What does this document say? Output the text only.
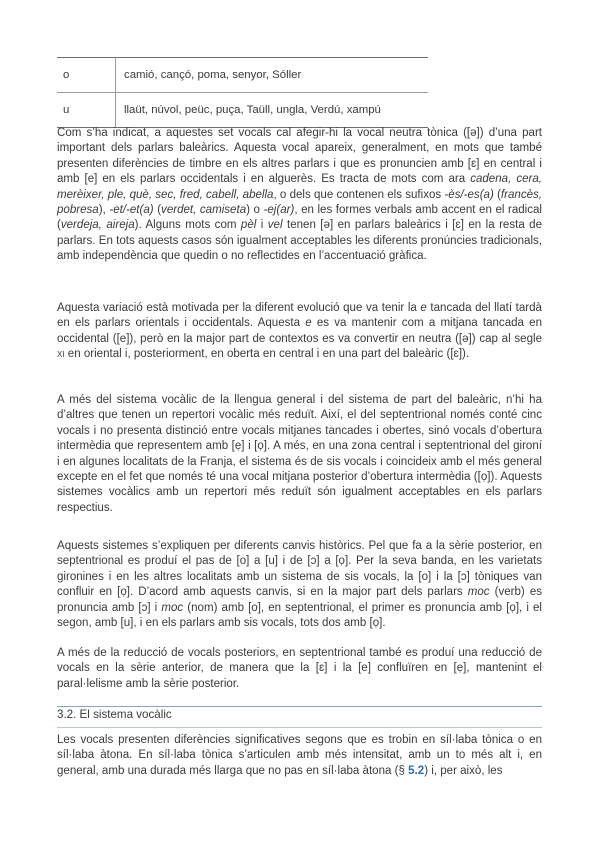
o	camió, cançó, poma, senyor, Sóller
u	llaüt, núvol, peüc, puça, Taüll, ungla, Verdú, xampú

Com s’ha indicat, a aquestes set vocals cal afegir-hi la vocal neutra tònica ([ə]) d’una part important dels parlars baleàrics. Aquesta vocal apareix, generalment, en mots que també presenten diferències de timbre en els altres parlars i que es pronuncien amb [ɛ] en central i amb [e] en els parlars occidentals i en alguerès. Es tracta de mots com ara cadena, cera, merèixer, ple, què, sec, fred, cabell, abella, o dels que contenen els sufixos -ès/-es(a) (francès, pobresa), -et/-et(a) (verdet, camiseta) o -ej(ar), en les formes verbals amb accent en el radical (verdeja, aireja). Alguns mots com pèl i vel tenen [ə] en parlars baleàrics i [ɛ] en la resta de parlars. En tots aquests casos són igualment acceptables les diferents pronúncies tradicionals, amb independència que quedin o no reflectides en l’accentuació gràfica.

Aquesta variació està motivada per la diferent evolució que va tenir la e tancada del llatí tardà en els parlars orientals i occidentals. Aquesta e es va mantenir com a mitjana tancada en occidental ([e]), però en la major part de contextos es va convertir en neutra ([ə]) cap al segle xi en oriental i, posteriorment, en oberta en central i en una part del baleàric ([ɛ]).

A més del sistema vocàlic de la llengua general i del sistema de part del baleàric, n’hi ha d’altres que tenen un repertori vocàlic més reduït. Així, el del septentrional només conté cinc vocals i no presenta distinció entre vocals mitjanes tancades i obertes, sinó vocals d’obertura intermèdia que representem amb [ẹ] i [ọ]. A més, en una zona central i septentrional del gironí i en algunes localitats de la Franja, el sistema és de sis vocals i coincideix amb el més general excepte en el fet que només té una vocal mitjana posterior d’obertura intermèdia ([ọ]). Aquests sistemes vocàlics amb un repertori més reduït són igualment acceptables en els parlars respectius.

Aquests sistemes s’expliquen per diferents canvis històrics. Pel que fa a la sèrie posterior, en septentrional es produí el pas de [o] a [u] i de [ɔ] a [ọ]. Per la seva banda, en les varietats gironines i en les altres localitats amb un sistema de sis vocals, la [o] i la [ɔ] tòniques van confluir en [ọ]. D’acord amb aquests canvis, si en la major part dels parlars moc (verb) es pronuncia amb [ɔ] i moc (nom) amb [o], en septentrional, el primer es pronuncia amb [ọ], i el segon, amb [u], i en els parlars amb sis vocals, tots dos amb [ọ].

A més de la reducció de vocals posteriors, en septentrional també es produí una reducció de vocals en la sèrie anterior, de manera que la [ɛ] i la [e] confluïren en [ẹ], mantenint el paral·lelisme amb la sèrie posterior.

3.2. El sistema vocàlic

Les vocals presenten diferències significatives segons que es trobin en síl·laba tònica o en síl·laba àtona. En síl·laba tònica s’articulen amb més intensitat, amb un to més alt i, en general, amb una durada més llarga que no pas en síl·laba àtona (§ 5.2) i, per això, les
